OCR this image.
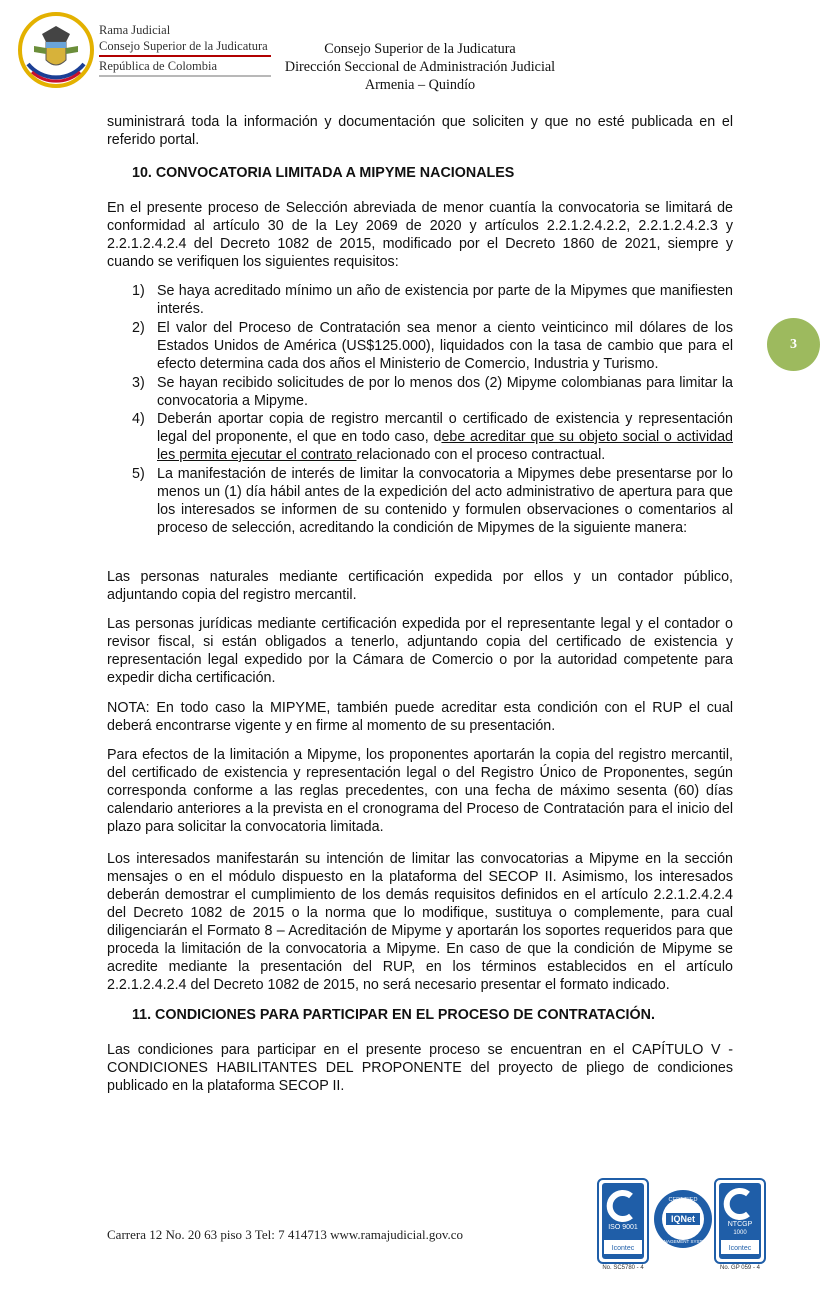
Rama Judicial
Consejo Superior de la Judicatura
República de Colombia
Consejo Superior de la Judicatura
Dirección Seccional de Administración Judicial
Armenia – Quindío
3
suministrará toda la información y documentación que soliciten y que no esté publicada en el referido portal.
10. CONVOCATORIA LIMITADA A MIPYME NACIONALES
En el presente proceso de Selección abreviada de menor cuantía la convocatoria se limitará de conformidad al artículo 30 de la Ley 2069 de 2020 y artículos 2.2.1.2.4.2.2, 2.2.1.2.4.2.3 y 2.2.1.2.4.2.4 del Decreto 1082 de 2015, modificado por el Decreto 1860 de 2021, siempre y cuando se verifiquen los siguientes requisitos:
1) Se haya acreditado mínimo un año de existencia por parte de la Mipymes que manifiesten interés.
2) El valor del Proceso de Contratación sea menor a ciento veinticinco mil dólares de los Estados Unidos de América (US$125.000), liquidados con la tasa de cambio que para el efecto determina cada dos años el Ministerio de Comercio, Industria y Turismo.
3) Se hayan recibido solicitudes de por lo menos dos (2) Mipyme colombianas para limitar la convocatoria a Mipyme.
4) Deberán aportar copia de registro mercantil o certificado de existencia y representación legal del proponente, el que en todo caso, debe acreditar que su objeto social o actividad les permita ejecutar el contrato relacionado con el proceso contractual.
5) La manifestación de interés de limitar la convocatoria a Mipymes debe presentarse por lo menos un (1) día hábil antes de la expedición del acto administrativo de apertura para que los interesados se informen de su contenido y formulen observaciones o comentarios al proceso de selección, acreditando la condición de Mipymes de la siguiente manera:
Las personas naturales mediante certificación expedida por ellos y un contador público, adjuntando copia del registro mercantil.
Las personas jurídicas mediante certificación expedida por el representante legal y el contador o revisor fiscal, si están obligados a tenerlo, adjuntando copia del certificado de existencia y representación legal expedido por la Cámara de Comercio o por la autoridad competente para expedir dicha certificación.
NOTA: En todo caso la MIPYME, también puede acreditar esta condición con el RUP el cual deberá encontrarse vigente y en firme al momento de su presentación.
Para efectos de la limitación a Mipyme, los proponentes aportarán la copia del registro mercantil, del certificado de existencia y representación legal o del Registro Único de Proponentes, según corresponda conforme a las reglas precedentes, con una fecha de máximo sesenta (60) días calendario anteriores a la prevista en el cronograma del Proceso de Contratación para el inicio del plazo para solicitar la convocatoria limitada.
Los interesados manifestarán su intención de limitar las convocatorias a Mipyme en la sección mensajes o en el módulo dispuesto en la plataforma del SECOP II. Asimismo, los interesados deberán demostrar el cumplimiento de los demás requisitos definidos en el artículo 2.2.1.2.4.2.4 del Decreto 1082 de 2015 o la norma que lo modifique, sustituya o complemente, para cual diligenciarán el Formato 8 – Acreditación de Mipyme y aportarán los soportes requeridos para que proceda la limitación de la convocatoria a Mipyme. En caso de que la condición de Mipyme se acredite mediante la presentación del RUP, en los términos establecidos en el artículo 2.2.1.2.4.2.4 del Decreto 1082 de 2015, no será necesario presentar el formato indicado.
11. CONDICIONES PARA PARTICIPAR EN EL PROCESO DE CONTRATACIÓN.
Las condiciones para participar en el presente proceso se encuentran en el CAPÍTULO V - CONDICIONES HABILITANTES DEL PROPONENTE del proyecto de pliego de condiciones publicado en la plataforma SECOP II.
Carrera 12 No. 20 63 piso 3 Tel: 7 414713 www.ramajudicial.gov.co	ISO 9001
Icontec
No. SC5780 - 4
CERTIFIED
IQNet
MANAGEMENT SYSTEM
NTCGP
1000
Icontec
No. GP 059 - 4
